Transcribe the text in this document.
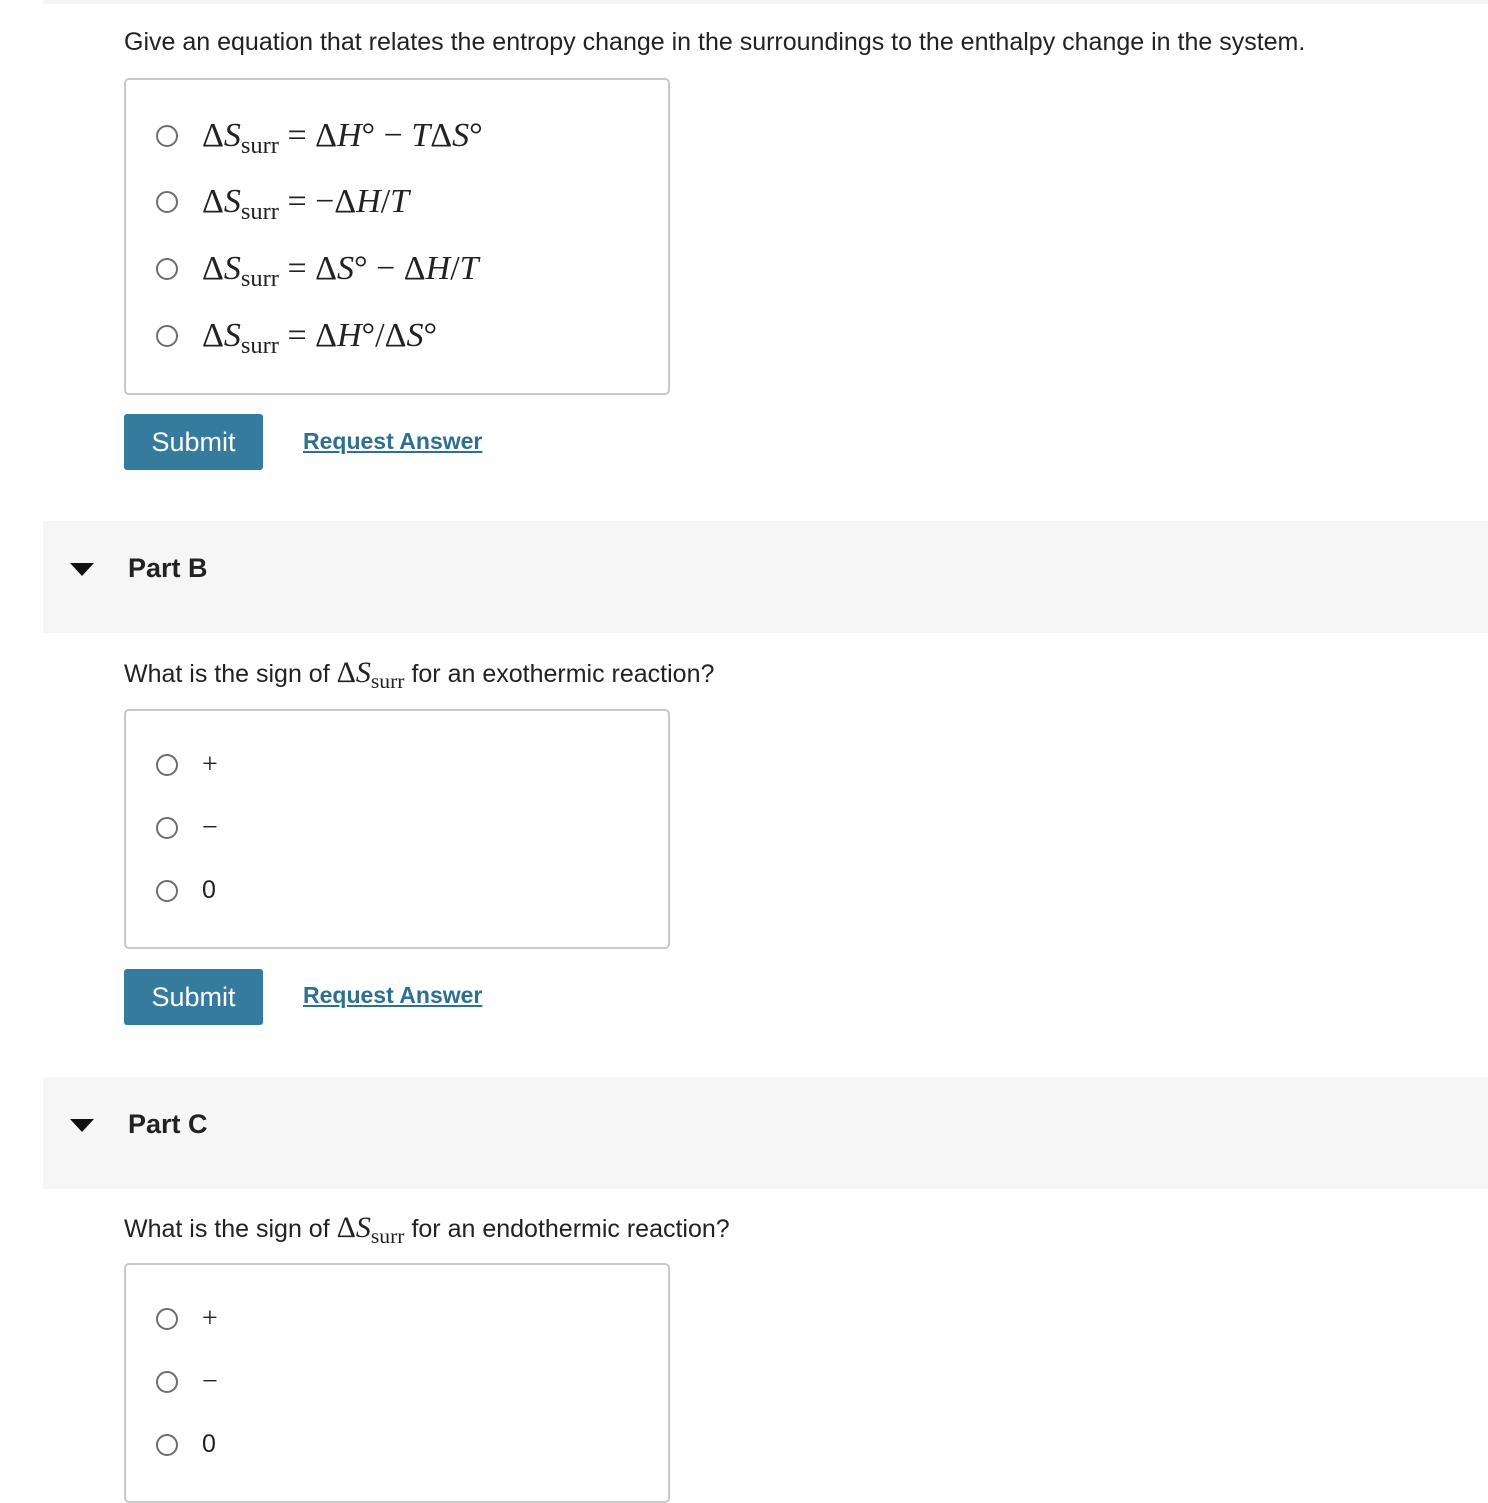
Give an equation that relates the entropy change in the surroundings to the enthalpy change in the system.
$\Delta S_{surr} = \Delta H^\circ - T\Delta S^\circ$
$\Delta S_{surr} = -\Delta H/T$
$\Delta S_{surr} = \Delta S^\circ - \Delta H/T$
$\Delta S_{surr} = \Delta H^\circ/\Delta S^\circ$
Submit	Request Answer
Part B
What is the sign of $\Delta S_{surr}$ for an exothermic reaction?
+
−
0
Submit	Request Answer
Part C
What is the sign of $\Delta S_{surr}$ for an endothermic reaction?
+
−
0
